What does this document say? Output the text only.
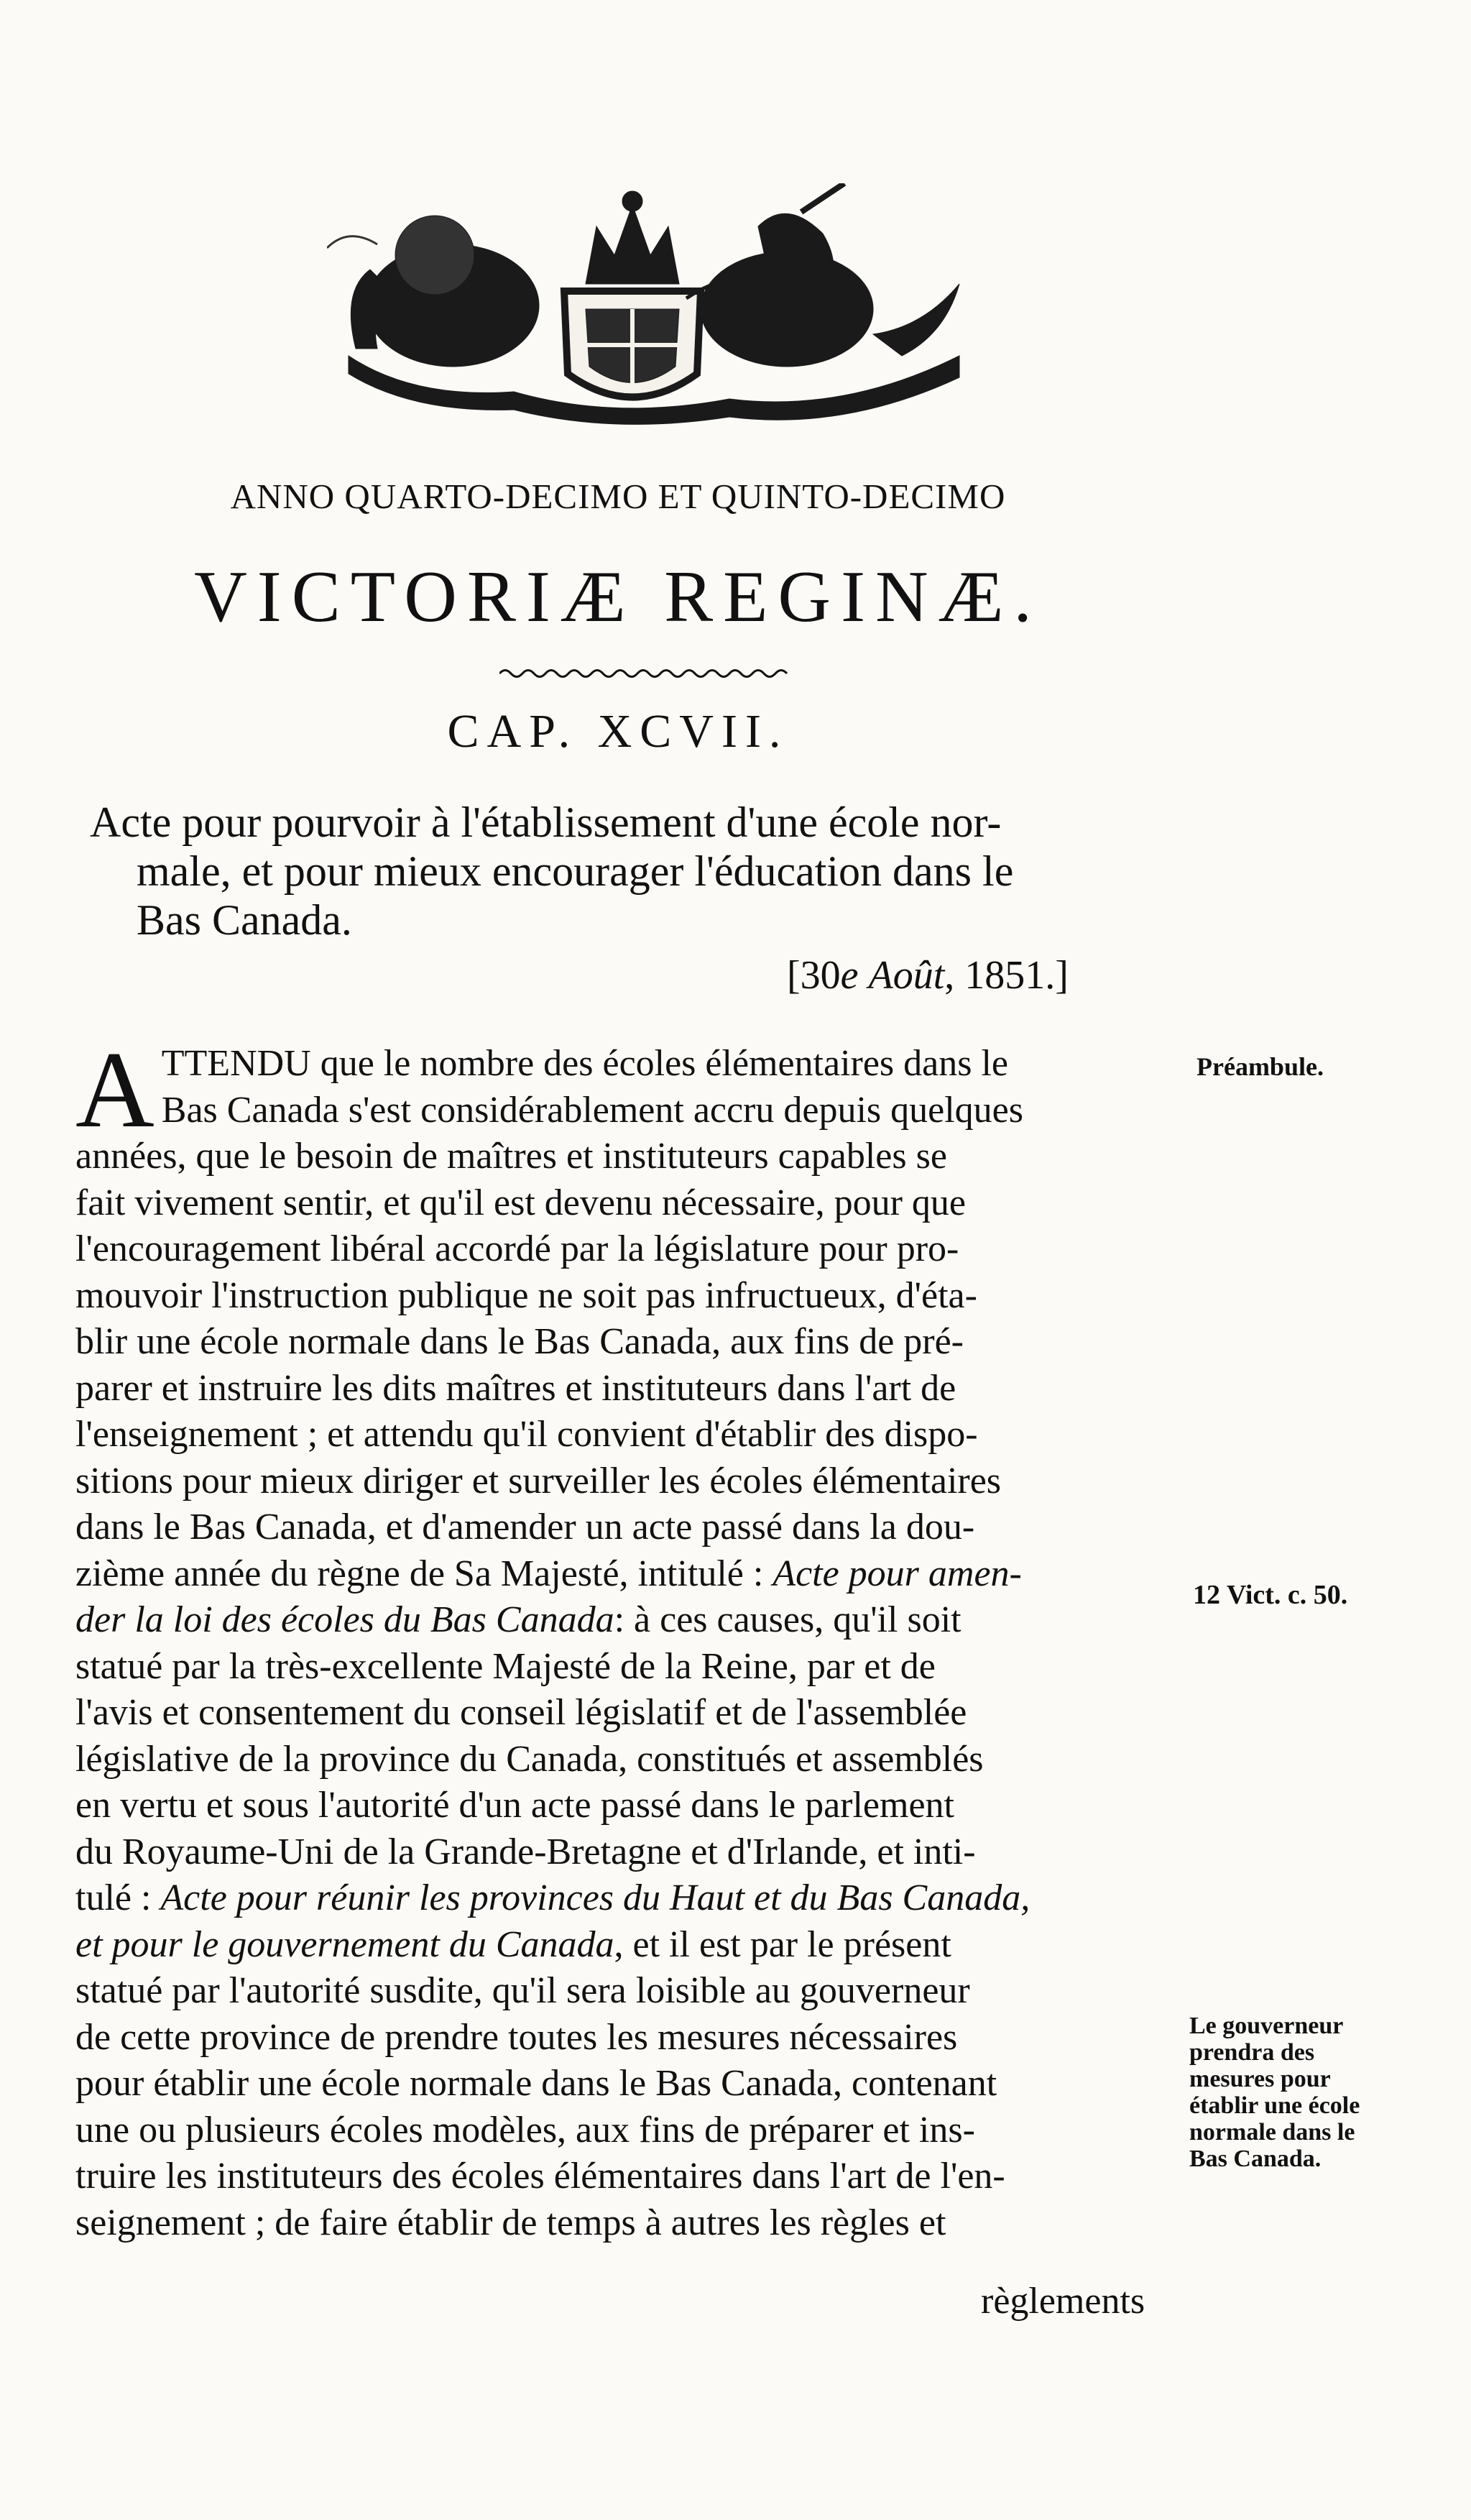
ANNO QUARTO-DECIMO ET QUINTO-DECIMO
VICTORIÆ REGINÆ.
CAP. XCVII.
Acte pour pourvoir à l'établissement d'une école nor-
male, et pour mieux encourager l'éducation dans le
Bas Canada.
[30e Août, 1851.]
A TTENDU que le nombre des écoles élémentaires dans le
Bas Canada s'est considérablement accru depuis quelques
années, que le besoin de maîtres et instituteurs capables se
fait vivement sentir, et qu'il est devenu nécessaire, pour que
l'encouragement libéral accordé par la législature pour pro-
mouvoir l'instruction publique ne soit pas infructueux, d'éta-
blir une école normale dans le Bas Canada, aux fins de pré-
parer et instruire les dits maîtres et instituteurs dans l'art de
l'enseignement ; et attendu qu'il convient d'établir des dispo-
sitions pour mieux diriger et surveiller les écoles élémentaires
dans le Bas Canada, et d'amender un acte passé dans la dou-
zième année du règne de Sa Majesté, intitulé : Acte pour amen-
der la loi des écoles du Bas Canada: à ces causes, qu'il soit
statué par la très-excellente Majesté de la Reine, par et de
l'avis et consentement du conseil législatif et de l'assemblée
législative de la province du Canada, constitués et assemblés
en vertu et sous l'autorité d'un acte passé dans le parlement
du Royaume-Uni de la Grande-Bretagne et d'Irlande, et inti-
tulé : Acte pour réunir les provinces du Haut et du Bas Canada,
et pour le gouvernement du Canada, et il est par le présent
statué par l'autorité susdite, qu'il sera loisible au gouverneur
de cette province de prendre toutes les mesures nécessaires
pour établir une école normale dans le Bas Canada, contenant
une ou plusieurs écoles modèles, aux fins de préparer et ins-
truire les instituteurs des écoles élémentaires dans l'art de l'en-
seignement ; de faire établir de temps à autres les règles et
règlements
Préambule.
12 Vict. c. 50.
Le gouverneur prendra des mesures pour établir une école normale dans le Bas Canada.
